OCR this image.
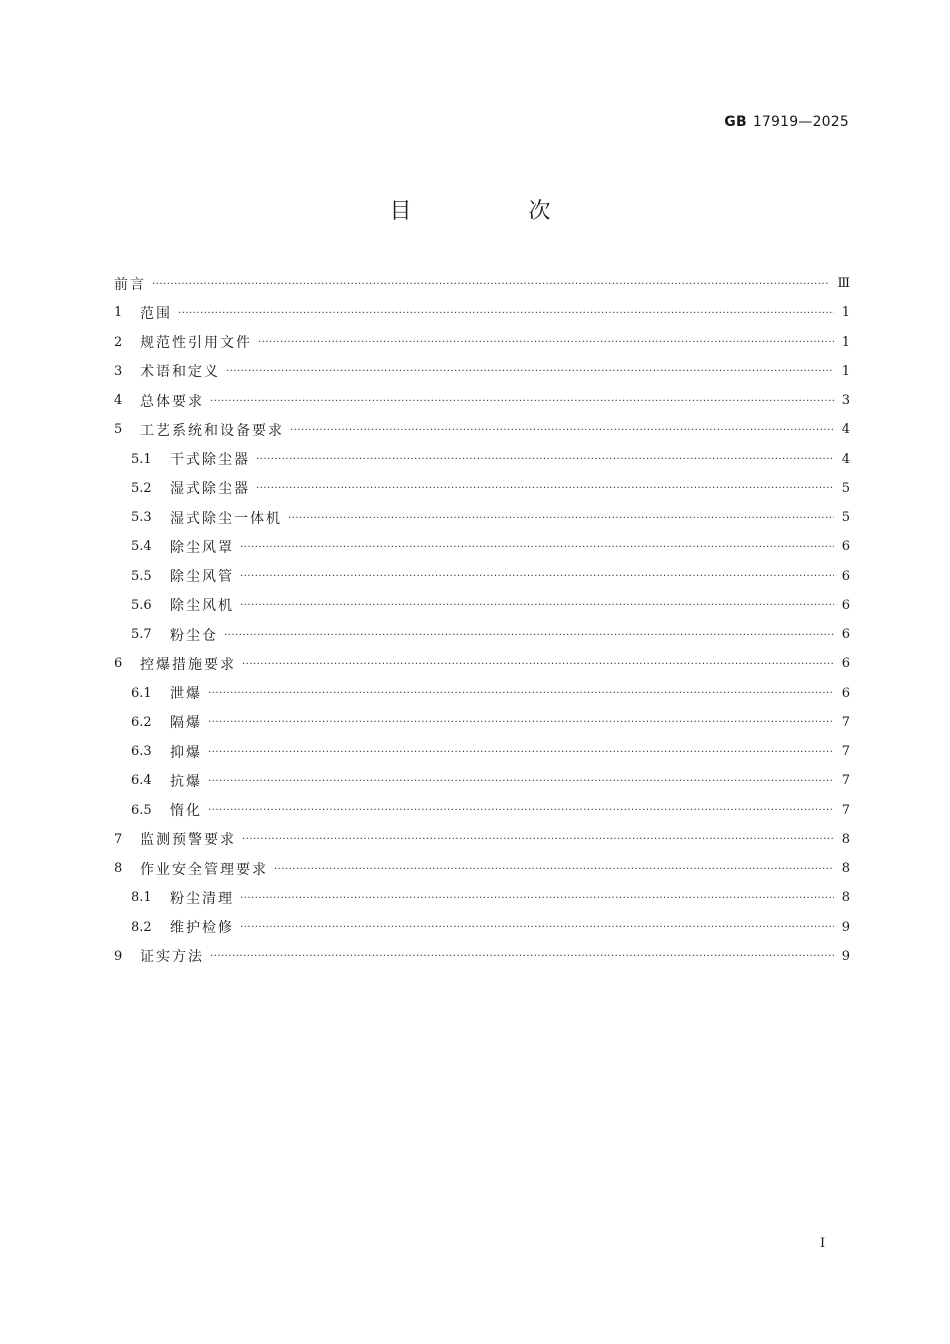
GB 17919—2025
目 次
前言 ·····	Ⅲ
1	范围 ·····	1
2	规范性引用文件 ·····	1
3	术语和定义 ·····	1
4	总体要求 ·····	3
5	工艺系统和设备要求 ·····	4
5.1	干式除尘器 ·····	4
5.2	湿式除尘器 ·····	5
5.3	湿式除尘一体机 ·····	5
5.4	除尘风罩 ·····	6
5.5	除尘风管 ·····	6
5.6	除尘风机 ·····	6
5.7	粉尘仓 ·····	6
6	控爆措施要求 ·····	6
6.1	泄爆 ·····	6
6.2	隔爆 ·····	7
6.3	抑爆 ·····	7
6.4	抗爆 ·····	7
6.5	惰化 ·····	7
7	监测预警要求 ·····	8
8	作业安全管理要求 ·····	8
8.1	粉尘清理 ·····	8
8.2	维护检修 ·····	9
9	证实方法 ·····	9
Ⅰ
